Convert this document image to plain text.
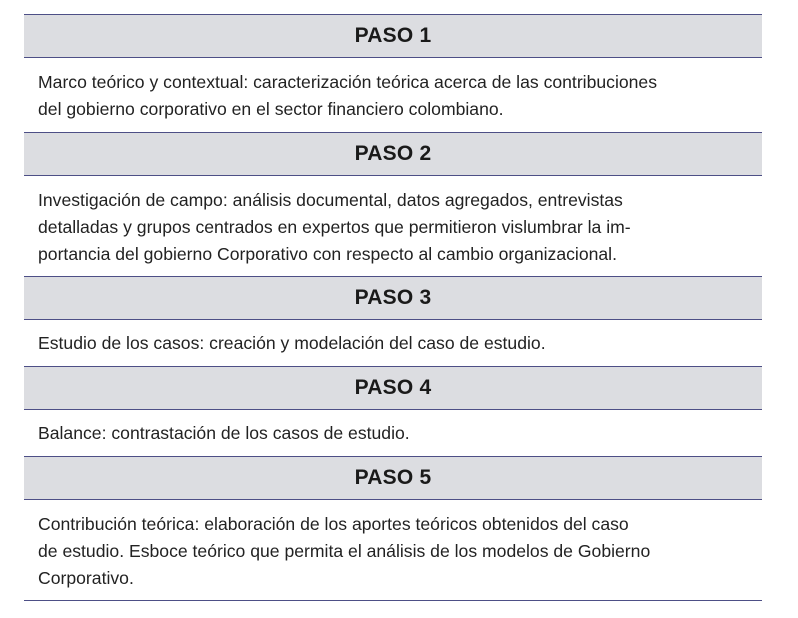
PASO 1
Marco teórico y contextual: caracterización teórica acerca de las contribuciones
del gobierno corporativo en el sector financiero colombiano.
PASO 2
Investigación de campo: análisis documental, datos agregados, entrevistas
detalladas y grupos centrados en expertos que permitieron vislumbrar la im-
portancia del gobierno Corporativo con respecto al cambio organizacional.
PASO 3
Estudio de los casos: creación y modelación del caso de estudio.
PASO 4
Balance: contrastación de los casos de estudio.
PASO 5
Contribución teórica: elaboración de los aportes teóricos obtenidos del caso
de estudio. Esboce teórico que permita el análisis de los modelos de Gobierno
Corporativo.
